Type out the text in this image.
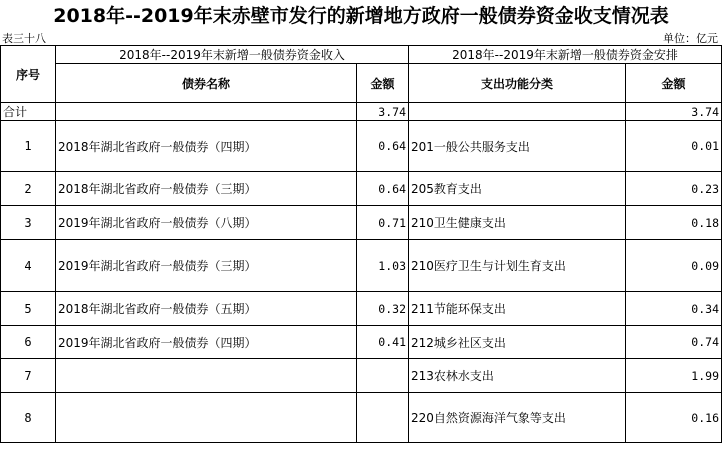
2018年--2019年末赤壁市发行的新增地方政府一般债券资金收支情况表
表三十八	单位：亿元
序号	2018年--2019年末新增一般债券资金收入		2018年--2019年末新增一般债券资金安排	
	债券名称	金额	支出功能分类	金额
合计		3.74		3.74
1	2018年湖北省政府一般债券（四期）	0.64	201一般公共服务支出	0.01
2	2018年湖北省政府一般债券（三期）	0.64	205教育支出	0.23
3	2019年湖北省政府一般债券（八期）	0.71	210卫生健康支出	0.18
4	2019年湖北省政府一般债券（三期）	1.03	210医疗卫生与计划生育支出	0.09
5	2018年湖北省政府一般债券（五期）	0.32	211节能环保支出	0.34
6	2019年湖北省政府一般债券（四期）	0.41	212城乡社区支出	0.74
7			213农林水支出	1.99
8			220自然资源海洋气象等支出	0.16
